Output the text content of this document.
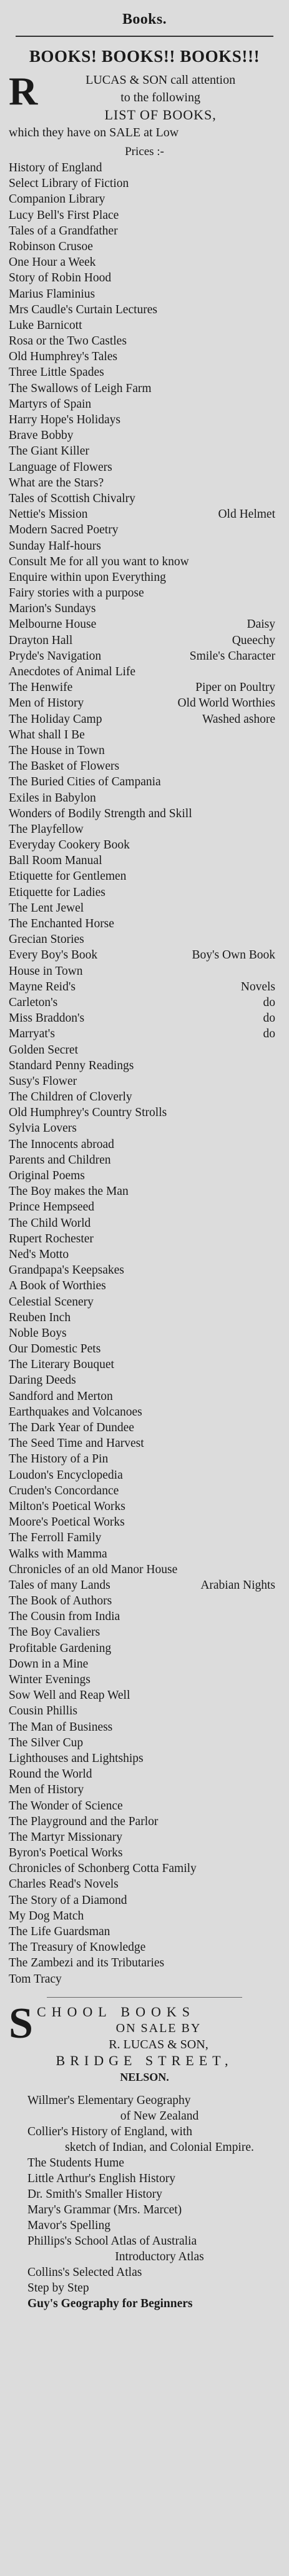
Books.
BOOKS! BOOKS!! BOOKS!!!
R	LUCAS & SON call attention
to the following
LIST OF BOOKS,
which they have on SALE at Low
Prices :-
History of England
Select Library of Fiction
Companion Library
Lucy Bell's First Place
Tales of a Grandfather
Robinson Crusoe
One Hour a Week
Story of Robin Hood
Marius Flaminius
Mrs Caudle's Curtain Lectures
Luke Barnicott
Rosa or the Two Castles
Old Humphrey's Tales
Three Little Spades
The Swallows of Leigh Farm
Martyrs of Spain
Harry Hope's Holidays
Brave Bobby
The Giant Killer
Language of Flowers
What are the Stars?
Tales of Scottish Chivalry
Nettie's Mission	Old Helmet
Modern Sacred Poetry
Sunday Half-hours
Consult Me for all you want to know
Enquire within upon Everything
Fairy stories with a purpose
Marion's Sundays
Melbourne House	Daisy
Drayton Hall	Queechy
Pryde's Navigation	Smile's Character
Anecdotes of Animal Life
The Henwife	Piper on Poultry
Men of History	Old World Worthies
The Holiday Camp	Washed ashore
What shall I Be
The House in Town
The Basket of Flowers
The Buried Cities of Campania
Exiles in Babylon
Wonders of Bodily Strength and Skill
The Playfellow
Everyday Cookery Book
Ball Room Manual
Etiquette for Gentlemen
Etiquette for Ladies
The Lent Jewel
The Enchanted Horse
Grecian Stories
Every Boy's Book	Boy's Own Book
House in Town
Mayne Reid's	Novels
Carleton's	do
Miss Braddon's	do
Marryat's	do
Golden Secret
Standard Penny Readings
Susy's Flower
The Children of Cloverly
Old Humphrey's Country Strolls
Sylvia Lovers
The Innocents abroad
Parents and Children
Original Poems
The Boy makes the Man
Prince Hempseed
The Child World
Rupert Rochester
Ned's Motto
Grandpapa's Keepsakes
A Book of Worthies
Celestial Scenery
Reuben Inch
Noble Boys
Our Domestic Pets
The Literary Bouquet
Daring Deeds
Sandford and Merton
Earthquakes and Volcanoes
The Dark Year of Dundee
The Seed Time and Harvest
The History of a Pin
Loudon's Encyclopedia
Cruden's Concordance
Milton's Poetical Works
Moore's Poetical Works
The Ferroll Family
Walks with Mamma
Chronicles of an old Manor House
Tales of many Lands	Arabian Nights
The Book of Authors
The Cousin from India
The Boy Cavaliers
Profitable Gardening
Down in a Mine
Winter Evenings
Sow Well and Reap Well
Cousin Phillis
The Man of Business
The Silver Cup
Lighthouses and Lightships
Round the World
Men of History
The Wonder of Science
The Playground and the Parlor
The Martyr Missionary
Byron's Poetical Works
Chronicles of Schonberg Cotta Family
Charles Read's Novels
The Story of a Diamond
My Dog Match
The Life Guardsman
The Treasury of Knowledge
The Zambezi and its Tributaries
Tom Tracy
S CHOOL BOOKS
ON SALE BY
R. LUCAS & SON,
BRIDGE STREET,
NELSON.
Willmer's Elementary Geography
of New Zealand
Collier's History of England, with
sketch of Indian, and Colonial Empire.
The Students Hume
Little Arthur's English History
Dr. Smith's Smaller History
Mary's Grammar (Mrs. Marcet)
Mavor's Spelling
Phillips's School Atlas of Australia
Introductory Atlas
Collins's Selected Atlas
Step by Step
Guy's Geography for Beginners
